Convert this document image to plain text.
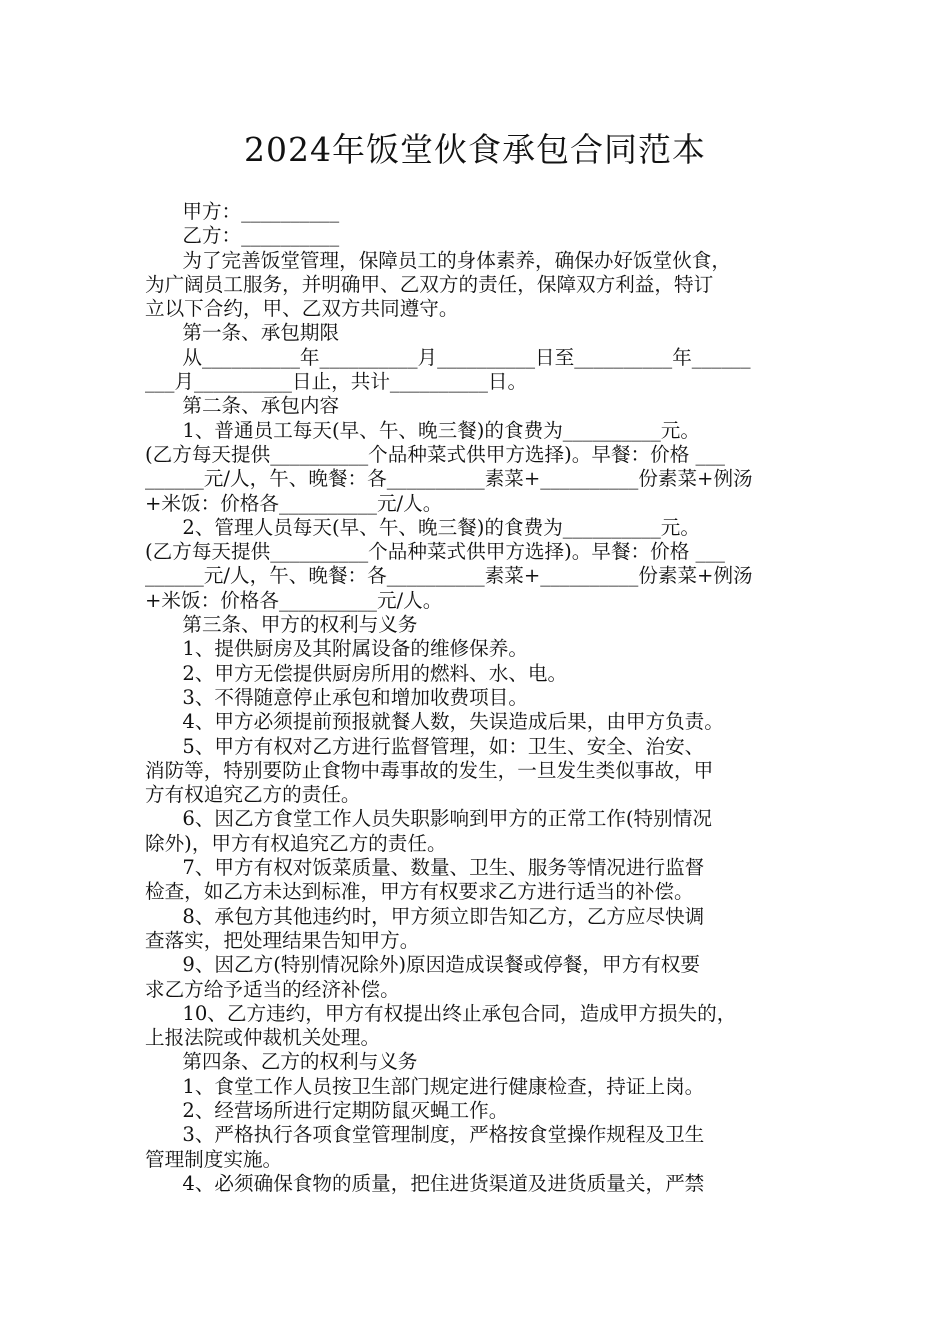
2024年饭堂伙食承包合同范本
甲方：__________
乙方：__________
为了完善饭堂管理，保障员工的身体素养，确保办好饭堂伙食，
为广阔员工服务，并明确甲、乙双方的责任，保障双方利益，特订
立以下合约，甲、乙双方共同遵守。
第一条、承包期限
从__________年__________月__________日至__________年______
___月__________日止，共计__________日。
第二条、承包内容
1、普通员工每天(早、午、晚三餐)的食费为__________元。
(乙方每天提供__________个品种菜式供甲方选择)。早餐：价格 ___
______元/人，午、晚餐：各__________素菜+__________份素菜+例汤
+米饭：价格各__________元/人。
2、管理人员每天(早、午、晚三餐)的食费为__________元。
(乙方每天提供__________个品种菜式供甲方选择)。早餐：价格 ___
______元/人，午、晚餐：各__________素菜+__________份素菜+例汤
+米饭：价格各__________元/人。
第三条、甲方的权利与义务
1、提供厨房及其附属设备的维修保养。
2、甲方无偿提供厨房所用的燃料、水、电。
3、不得随意停止承包和增加收费项目。
4、甲方必须提前预报就餐人数，失误造成后果，由甲方负责。
5、甲方有权对乙方进行监督管理，如：卫生、安全、治安、
消防等，特别要防止食物中毒事故的发生，一旦发生类似事故，甲
方有权追究乙方的责任。
6、因乙方食堂工作人员失职影响到甲方的正常工作(特别情况
除外)，甲方有权追究乙方的责任。
7、甲方有权对饭菜质量、数量、卫生、服务等情况进行监督
检查，如乙方未达到标准，甲方有权要求乙方进行适当的补偿。
8、承包方其他违约时，甲方须立即告知乙方，乙方应尽快调
查落实，把处理结果告知甲方。
9、因乙方(特别情况除外)原因造成误餐或停餐，甲方有权要
求乙方给予适当的经济补偿。
10、乙方违约，甲方有权提出终止承包合同，造成甲方损失的，
上报法院或仲裁机关处理。
第四条、乙方的权利与义务
1、食堂工作人员按卫生部门规定进行健康检查，持证上岗。
2、经营场所进行定期防鼠灭蝇工作。
3、严格执行各项食堂管理制度，严格按食堂操作规程及卫生
管理制度实施。
4、必须确保食物的质量，把住进货渠道及进货质量关，严禁
